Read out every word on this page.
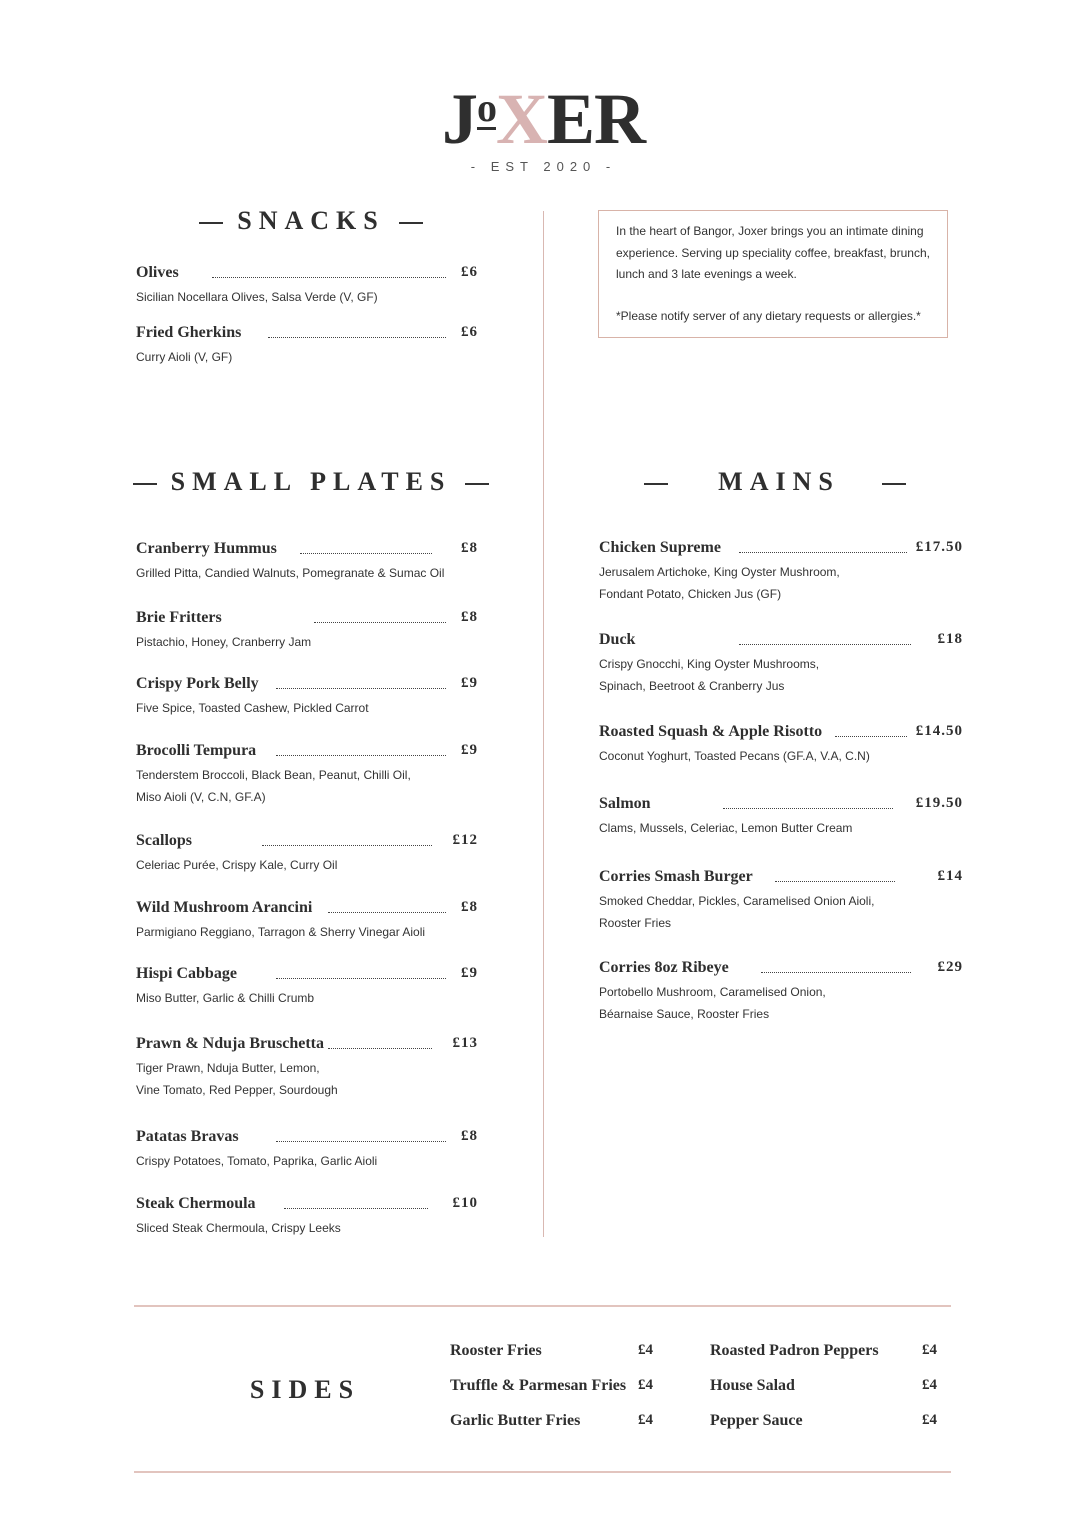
$J^oXER$
- EST 2020 -
SNACKS
SMALL PLATES	MAINS

In the heart of Bangor, Joxer brings you an intimate dining experience. Serving up speciality coffee, breakfast, brunch, lunch and 3 late evenings a week.

*Please notify server of any dietary requests or allergies.*

Olives	£6
Sicilian Nocellara Olives, Salsa Verde (V, GF)
Fried Gherkins	£6
Curry Aioli (V, GF)
Cranberry Hummus	£8
Grilled Pitta, Candied Walnuts, Pomegranate & Sumac Oil
Brie Fritters	£8
Pistachio, Honey, Cranberry Jam
Crispy Pork Belly	£9
Five Spice, Toasted Cashew, Pickled Carrot
Brocolli Tempura	£9
Tenderstem Broccoli, Black Bean, Peanut, Chilli Oil,
Miso Aioli (V, C.N, GF.A)
Scallops	£12
Celeriac Purée, Crispy Kale, Curry Oil
Wild Mushroom Arancini	£8
Parmigiano Reggiano, Tarragon & Sherry Vinegar Aioli
Hispi Cabbage	£9
Miso Butter, Garlic & Chilli Crumb
Prawn & Nduja Bruschetta	£13
Tiger Prawn, Nduja Butter, Lemon,
Vine Tomato, Red Pepper, Sourdough
Patatas Bravas	£8
Crispy Potatoes, Tomato, Paprika, Garlic Aioli
Steak Chermoula	£10
Sliced Steak Chermoula, Crispy Leeks
Chicken Supreme	£17.50
Jerusalem Artichoke, King Oyster Mushroom,
Fondant Potato, Chicken Jus (GF)
Duck	£18
Crispy Gnocchi, King Oyster Mushrooms,
Spinach, Beetroot & Cranberry Jus
Roasted Squash & Apple Risotto	£14.50
Coconut Yoghurt, Toasted Pecans (GF.A, V.A, C.N)
Salmon	£19.50
Clams, Mussels, Celeriac, Lemon Butter Cream
Corries Smash Burger	£14
Smoked Cheddar, Pickles, Caramelised Onion Aioli,
Rooster Fries
Corries 8oz Ribeye	£29
Portobello Mushroom, Caramelised Onion,
Béarnaise Sauce, Rooster Fries
SIDES
Rooster Fries	£4
Truffle & Parmesan Fries £4
Garlic Butter Fries	£4
Roasted Padron Peppers	£4
House Salad	£4
Pepper Sauce	£4
